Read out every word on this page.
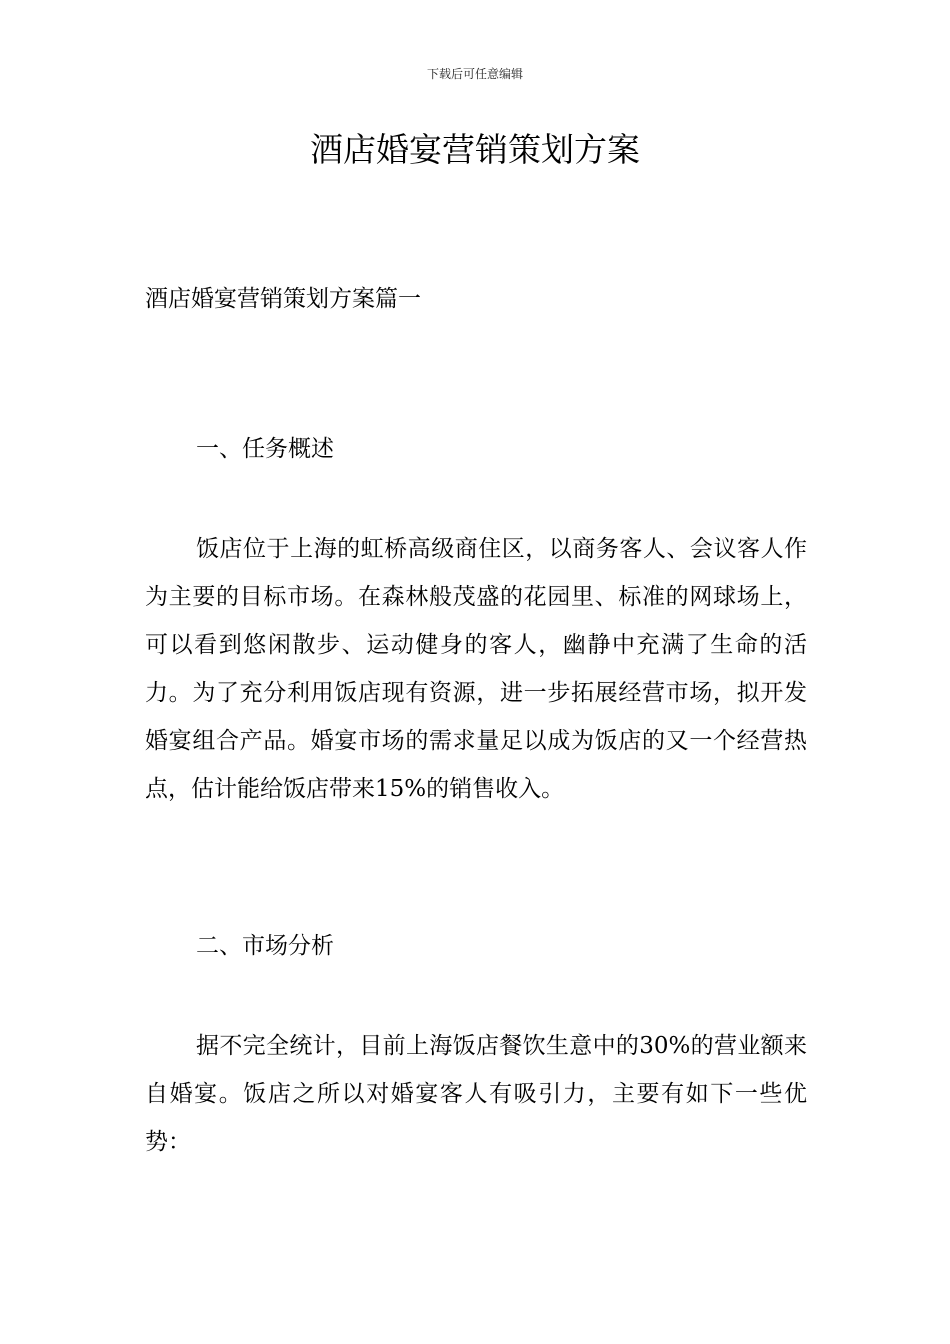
下载后可任意编辑
酒店婚宴营销策划方案

酒店婚宴营销策划方案篇一

一、任务概述

饭店位于上海的虹桥高级商住区，以商务客人、会议客人作为主要的目标市场。在森林般茂盛的花园里、标准的网球场上，可以看到悠闲散步、运动健身的客人，幽静中充满了生命的活力。为了充分利用饭店现有资源，进一步拓展经营市场，拟开发婚宴组合产品。婚宴市场的需求量足以成为饭店的又一个经营热点，估计能给饭店带来15%的销售收入。

二、市场分析

据不完全统计，目前上海饭店餐饮生意中的30%的营业额来自婚宴。饭店之所以对婚宴客人有吸引力，主要有如下一些优势：
